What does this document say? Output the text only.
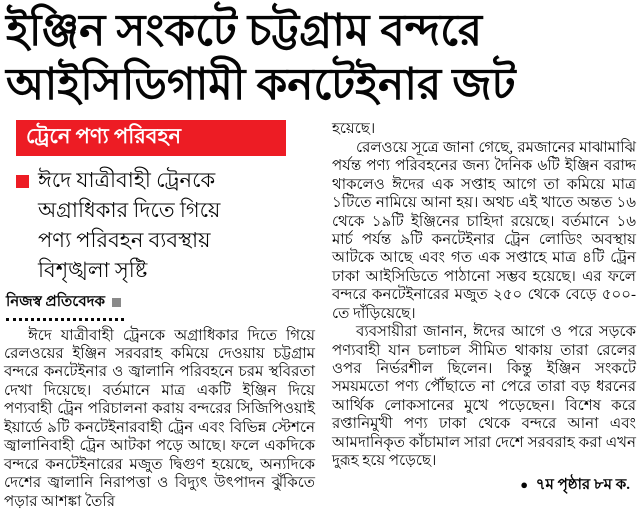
ইঞ্জিন সংকটে চট্টগ্রাম বন্দরে
আইসিডিগামী কনটেইনার জট
ট্রেনে পণ্য পরিবহন

ঈদে যাত্রীবাহী ট্রেনকে অগ্রাধিকার দিতে গিয়ে পণ্য পরিবহন ব্যবস্থায় বিশৃঙ্খলা সৃষ্টি

নিজস্ব প্রতিবেদক

ঈদে যাত্রীবাহী ট্রেনকে অগ্রাধিকার দিতে গিয়ে রেলওয়ের ইঞ্জিন সরবরাহ কমিয়ে দেওয়ায় চট্টগ্রাম বন্দরে কনটেইনার ও জ্বালানি পরিবহনে চরম স্থবিরতা দেখা দিয়েছে। বর্তমানে মাত্র একটি ইঞ্জিন দিয়ে পণ্যবাহী ট্রেন পরিচালনা করায় বন্দরের সিজিপিওয়াই ইয়ার্ডে ৯টি কনটেইনারবাহী ট্রেন এবং বিভিন্ন স্টেশনে জ্বালানিবাহী ট্রেন আটকা পড়ে আছে। ফলে একদিকে বন্দরে কনটেইনারের মজুত দ্বিগুণ হয়েছে, অন্যদিকে দেশের জ্বালানি নিরাপত্তা ও বিদ্যুৎ উৎপাদন ঝুঁকিতে পড়ার আশঙ্কা তৈরি

হয়েছে।

রেলওয়ে সূত্রে জানা গেছে, রমজানের মাঝামাঝি পর্যন্ত পণ্য পরিবহনের জন্য দৈনিক ৬টি ইঞ্জিন বরাদ্দ থাকলেও ঈদের এক সপ্তাহ আগে তা কমিয়ে মাত্র ১টিতে নামিয়ে আনা হয়। অথচ এই খাতে অন্তত ১৬ থেকে ১৯টি ইঞ্জিনের চাহিদা রয়েছে। বর্তমানে ১৬ মার্চ পর্যন্ত ৯টি কনটেইনার ট্রেন লোডিং অবস্থায় আটকে আছে এবং গত এক সপ্তাহে মাত্র ৪টি ট্রেন ঢাকা আইসিডিতে পাঠানো সম্ভব হয়েছে। এর ফলে বন্দরে কনটেইনারের মজুত ২৫০ থেকে বেড়ে ৫০০-তে দাঁড়িয়েছে।

ব্যবসায়ীরা জানান, ঈদের আগে ও পরে সড়কে পণ্যবাহী যান চলাচল সীমিত থাকায় তারা রেলের ওপর নির্ভরশীল ছিলেন। কিন্তু ইঞ্জিন সংকটে সময়মতো পণ্য পৌঁছাতে না পেরে তারা বড় ধরনের আর্থিক লোকসানের মুখে পড়েছেন। বিশেষ করে রপ্তানিমুখী পণ্য ঢাকা থেকে বন্দরে আনা এবং আমদানিকৃত কাঁচামাল সারা দেশে সরবরাহ করা এখন দুরূহ হয়ে পড়েছে।

● ৭ম পৃষ্ঠার ৮ম ক.
